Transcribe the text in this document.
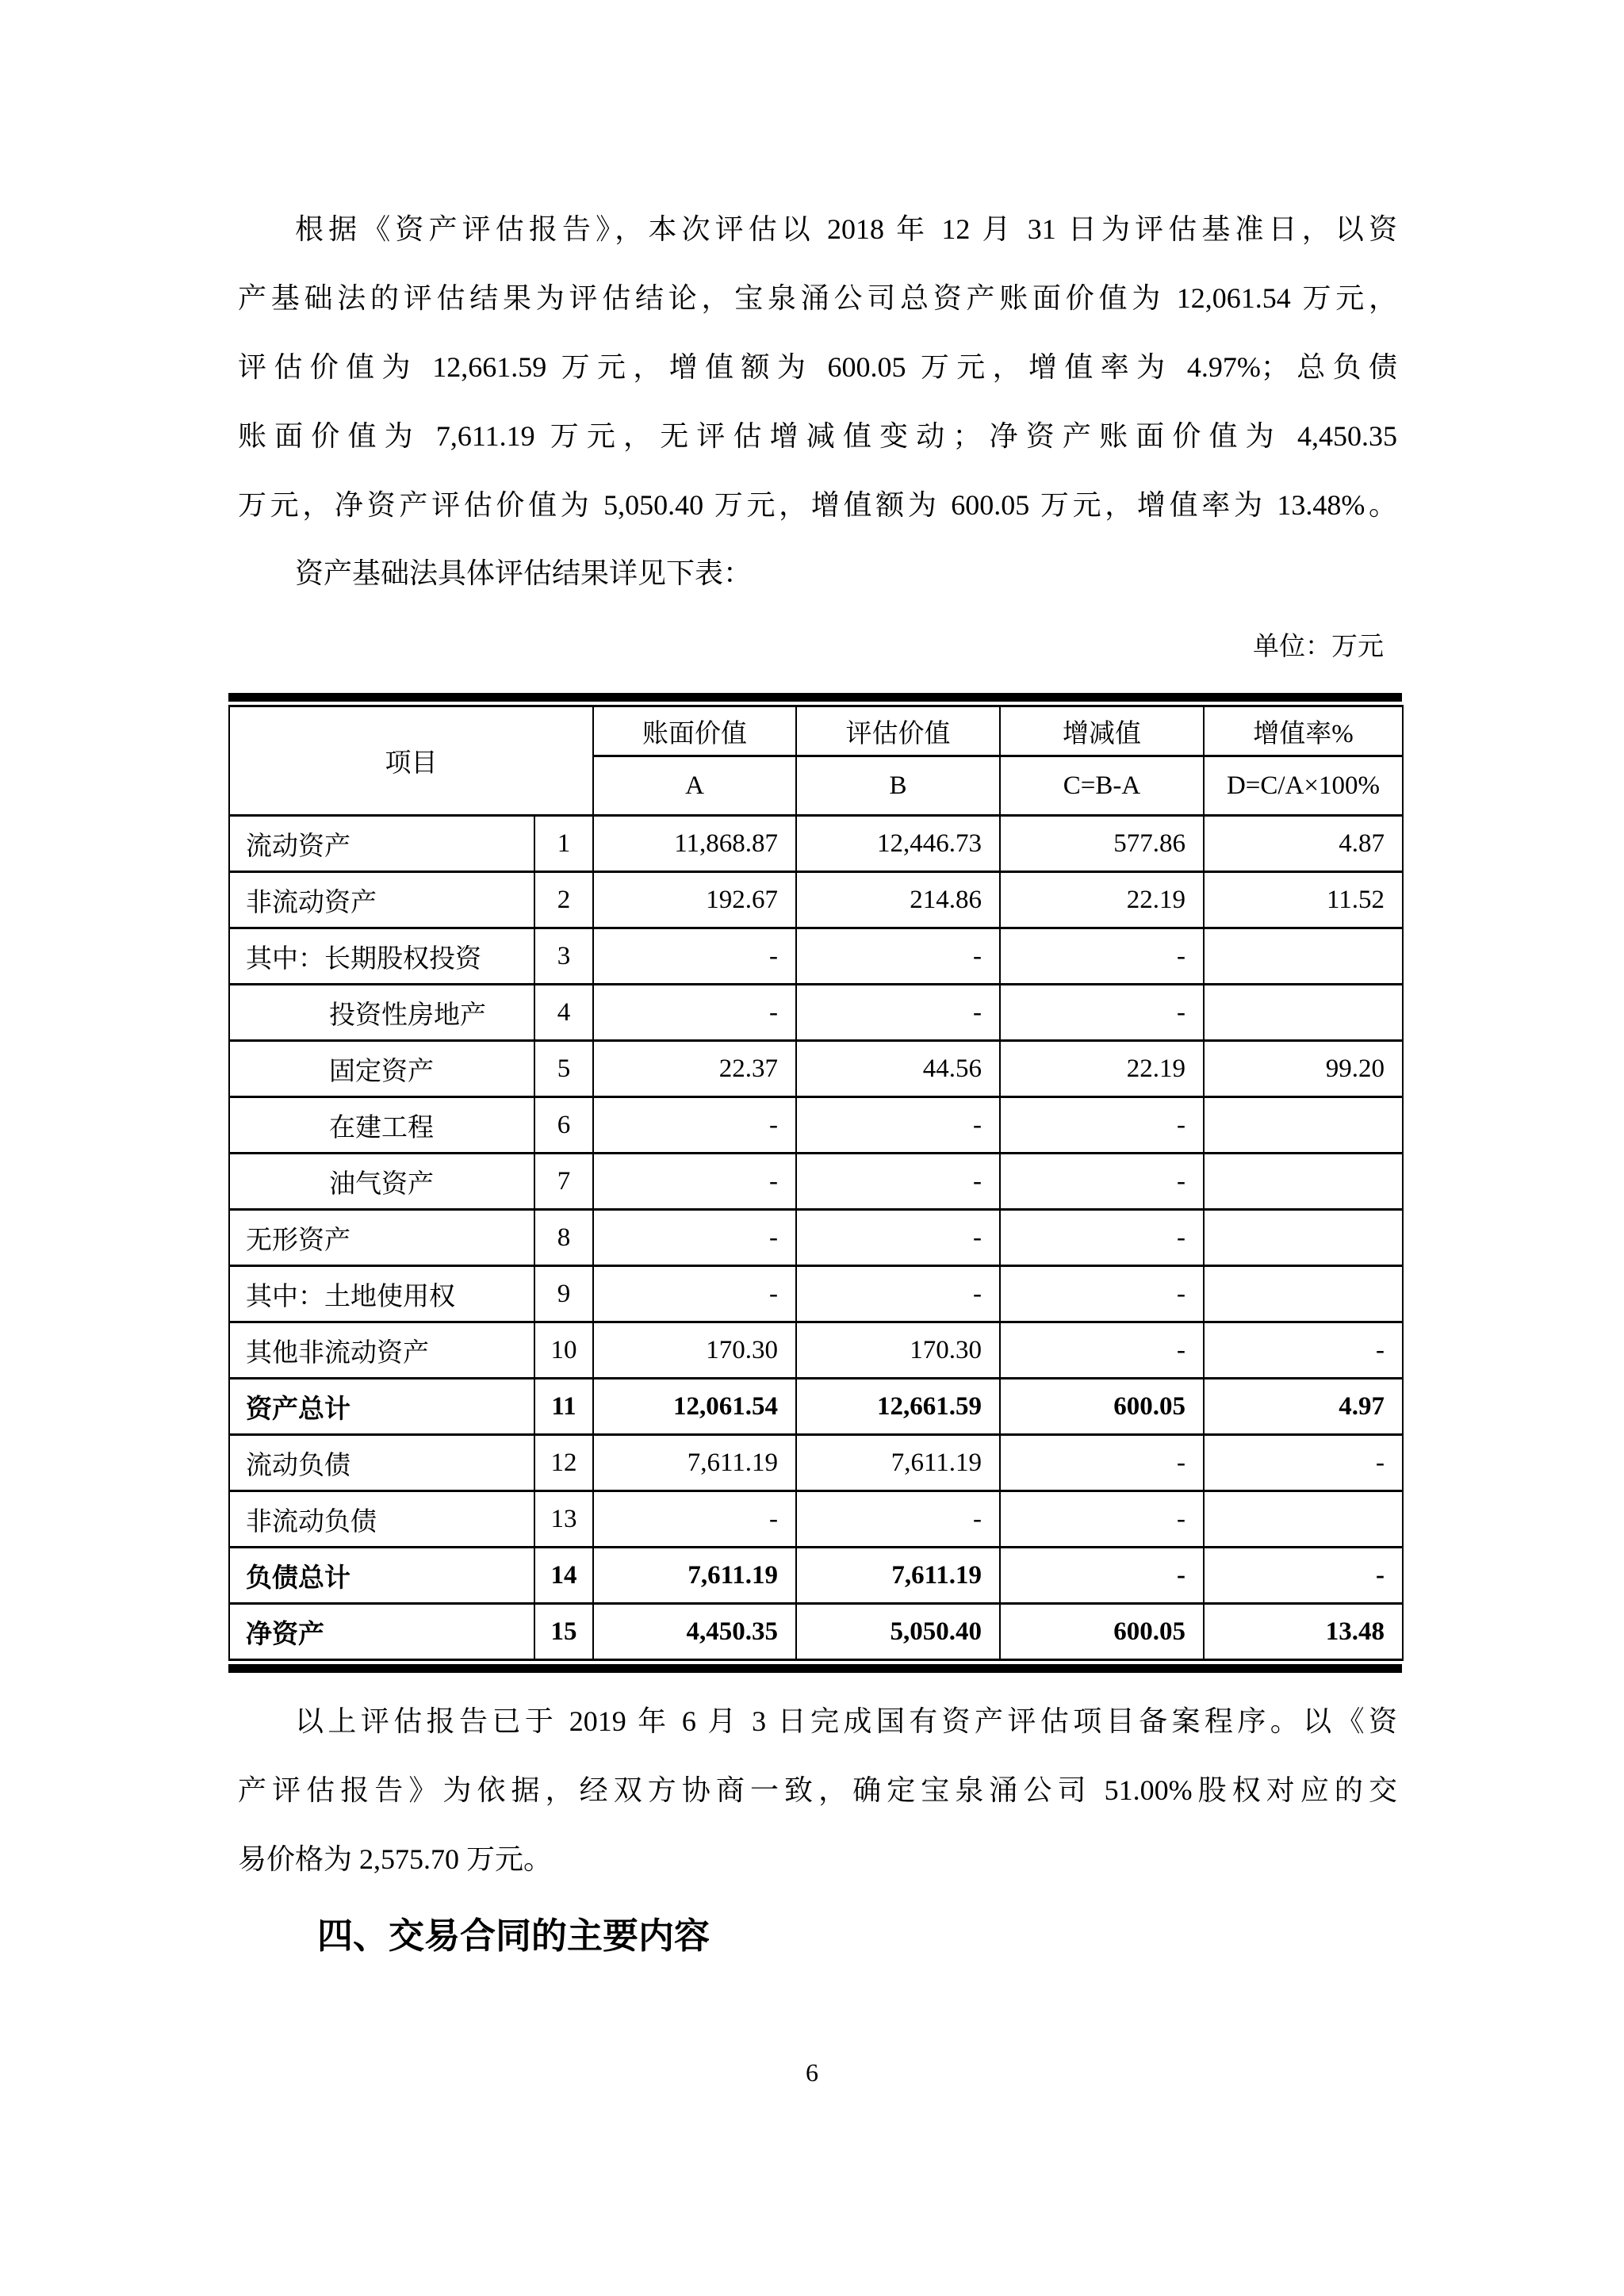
根据《资产评估报告》，本次评估以 2018 年 12 月 31 日为评估基准日，以资
产基础法的评估结果为评估结论，宝泉涌公司总资产账面价值为 12,061.54 万元，
评估价值为 12,661.59 万元，增值额为 600.05 万元，增值率为 4.97%；总负债
账面价值为 7,611.19 万元，无评估增减值变动；净资产账面价值为 4,450.35
万元，净资产评估价值为 5,050.40 万元，增值额为 600.05 万元，增值率为 13.48%。
资产基础法具体评估结果详见下表：
单位：万元
项目		账面价值	评估价值	增减值	增值率%
		A	B	C=B-A	D=C/A×100%
流动资产	1	11,868.87	12,446.73	577.86	4.87
非流动资产	2	192.67	214.86	22.19	11.52
其中：长期股权投资	3	-	-	-	
投资性房地产	4	-	-	-	
固定资产	5	22.37	44.56	22.19	99.20
在建工程	6	-	-	-	
油气资产	7	-	-	-	
无形资产	8	-	-	-	
其中：土地使用权	9	-	-	-	
其他非流动资产	10	170.30	170.30	-	-
资产总计	11	12,061.54	12,661.59	600.05	4.97
流动负债	12	7,611.19	7,611.19	-	-
非流动负债	13	-	-	-	
负债总计	14	7,611.19	7,611.19	-	-
净资产	15	4,450.35	5,050.40	600.05	13.48
以上评估报告已于 2019 年 6 月 3 日完成国有资产评估项目备案程序。以《资
产评估报告》为依据，经双方协商一致，确定宝泉涌公司 51.00%股权对应的交
易价格为 2,575.70 万元。
四、交易合同的主要内容
6
